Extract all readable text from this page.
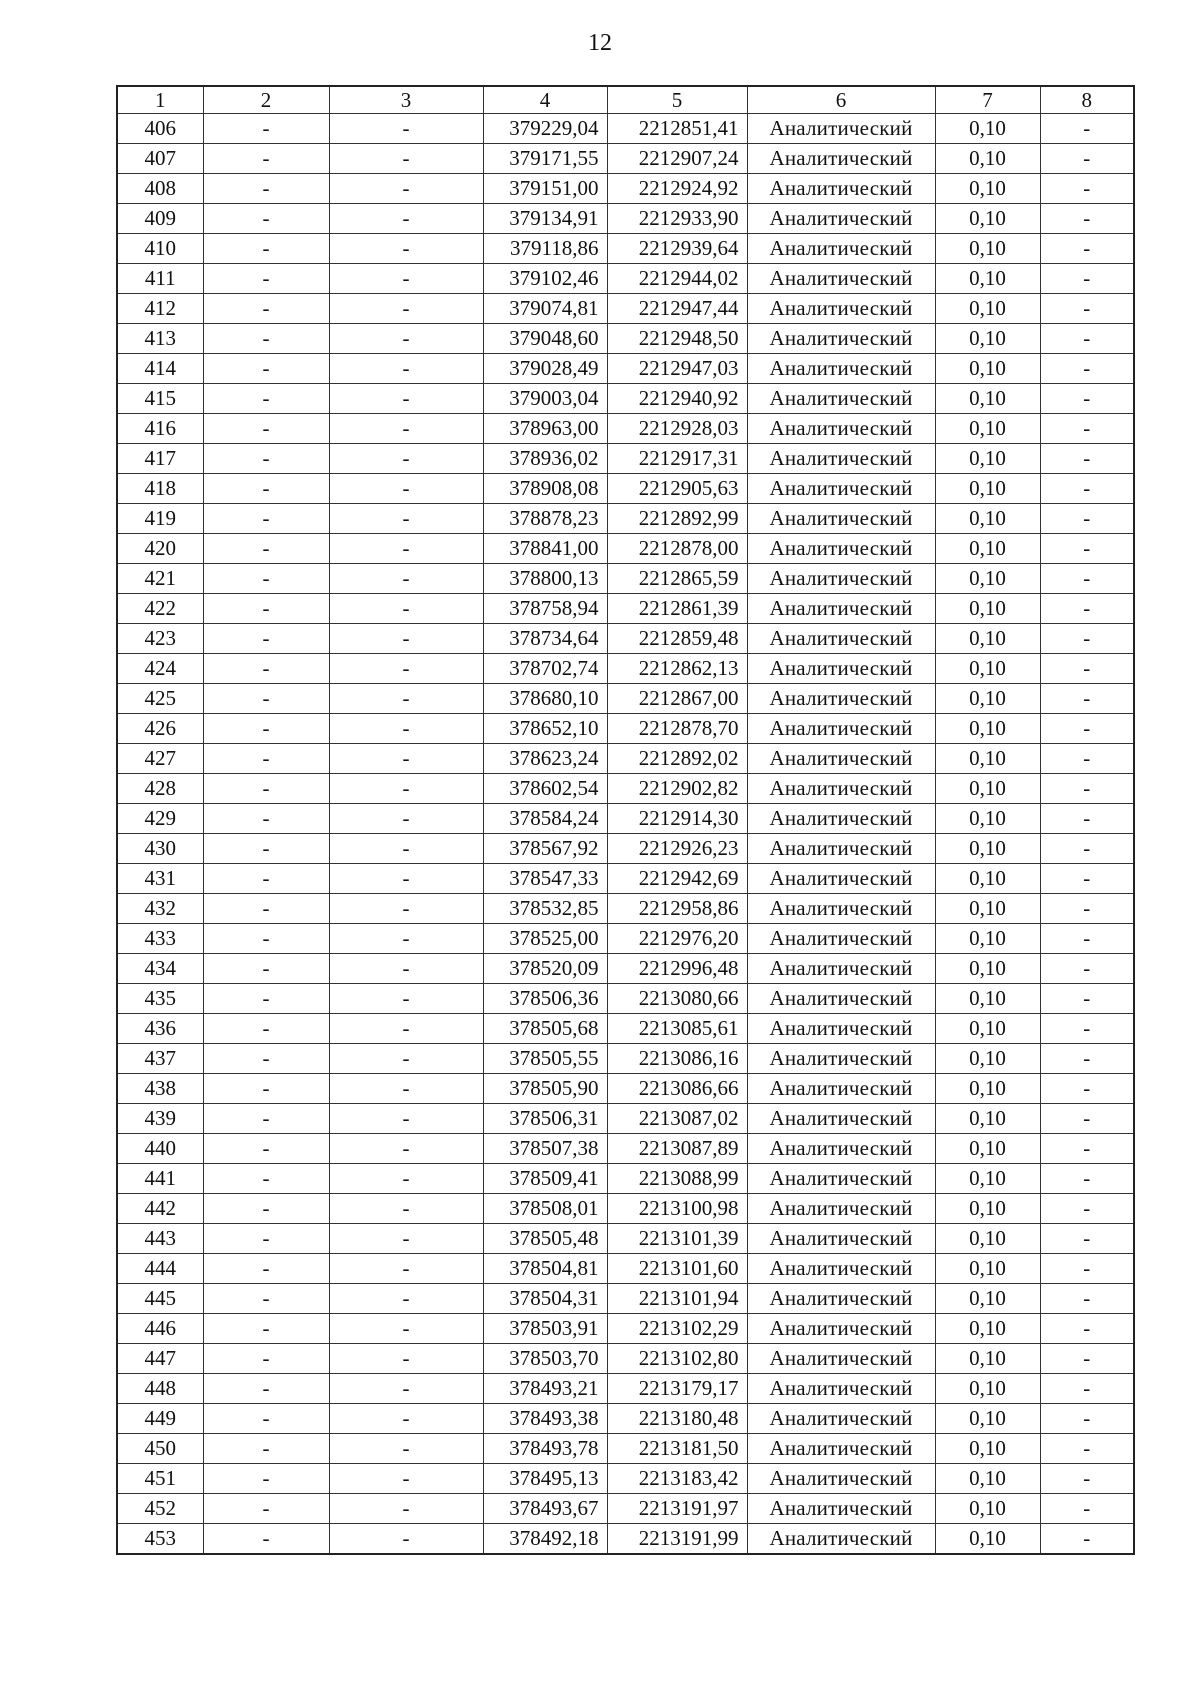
12
1	2	3	4	5	6	7	8
406	-	-	379229,04	2212851,41	Аналитический	0,10	-
407	-	-	379171,55	2212907,24	Аналитический	0,10	-
408	-	-	379151,00	2212924,92	Аналитический	0,10	-
409	-	-	379134,91	2212933,90	Аналитический	0,10	-
410	-	-	379118,86	2212939,64	Аналитический	0,10	-
411	-	-	379102,46	2212944,02	Аналитический	0,10	-
412	-	-	379074,81	2212947,44	Аналитический	0,10	-
413	-	-	379048,60	2212948,50	Аналитический	0,10	-
414	-	-	379028,49	2212947,03	Аналитический	0,10	-
415	-	-	379003,04	2212940,92	Аналитический	0,10	-
416	-	-	378963,00	2212928,03	Аналитический	0,10	-
417	-	-	378936,02	2212917,31	Аналитический	0,10	-
418	-	-	378908,08	2212905,63	Аналитический	0,10	-
419	-	-	378878,23	2212892,99	Аналитический	0,10	-
420	-	-	378841,00	2212878,00	Аналитический	0,10	-
421	-	-	378800,13	2212865,59	Аналитический	0,10	-
422	-	-	378758,94	2212861,39	Аналитический	0,10	-
423	-	-	378734,64	2212859,48	Аналитический	0,10	-
424	-	-	378702,74	2212862,13	Аналитический	0,10	-
425	-	-	378680,10	2212867,00	Аналитический	0,10	-
426	-	-	378652,10	2212878,70	Аналитический	0,10	-
427	-	-	378623,24	2212892,02	Аналитический	0,10	-
428	-	-	378602,54	2212902,82	Аналитический	0,10	-
429	-	-	378584,24	2212914,30	Аналитический	0,10	-
430	-	-	378567,92	2212926,23	Аналитический	0,10	-
431	-	-	378547,33	2212942,69	Аналитический	0,10	-
432	-	-	378532,85	2212958,86	Аналитический	0,10	-
433	-	-	378525,00	2212976,20	Аналитический	0,10	-
434	-	-	378520,09	2212996,48	Аналитический	0,10	-
435	-	-	378506,36	2213080,66	Аналитический	0,10	-
436	-	-	378505,68	2213085,61	Аналитический	0,10	-
437	-	-	378505,55	2213086,16	Аналитический	0,10	-
438	-	-	378505,90	2213086,66	Аналитический	0,10	-
439	-	-	378506,31	2213087,02	Аналитический	0,10	-
440	-	-	378507,38	2213087,89	Аналитический	0,10	-
441	-	-	378509,41	2213088,99	Аналитический	0,10	-
442	-	-	378508,01	2213100,98	Аналитический	0,10	-
443	-	-	378505,48	2213101,39	Аналитический	0,10	-
444	-	-	378504,81	2213101,60	Аналитический	0,10	-
445	-	-	378504,31	2213101,94	Аналитический	0,10	-
446	-	-	378503,91	2213102,29	Аналитический	0,10	-
447	-	-	378503,70	2213102,80	Аналитический	0,10	-
448	-	-	378493,21	2213179,17	Аналитический	0,10	-
449	-	-	378493,38	2213180,48	Аналитический	0,10	-
450	-	-	378493,78	2213181,50	Аналитический	0,10	-
451	-	-	378495,13	2213183,42	Аналитический	0,10	-
452	-	-	378493,67	2213191,97	Аналитический	0,10	-
453	-	-	378492,18	2213191,99	Аналитический	0,10	-
